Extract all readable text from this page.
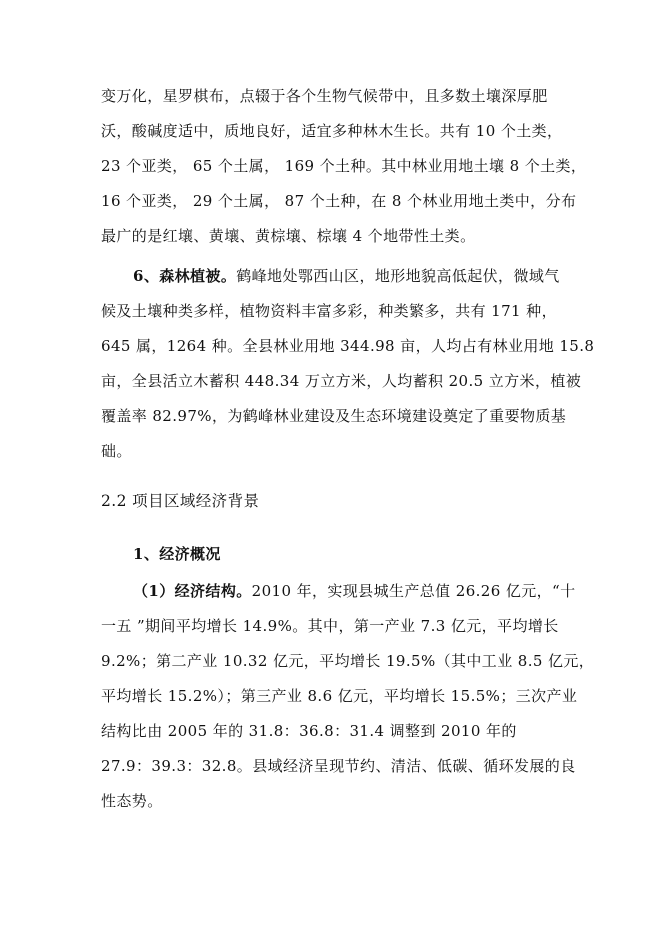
变万化，星罗棋布，点辍于各个生物气候带中，且多数土壤深厚肥
沃，酸碱度适中，质地良好，适宜多种林木生长。共有 10 个土类，
23 个亚类， 65 个土属， 169 个土种。其中林业用地土壤 8 个土类，
16 个亚类， 29 个土属， 87 个土种，在 8 个林业用地土类中，分布
最广的是红壤、黄壤、黄棕壤、棕壤 4 个地带性土类。
6、森林植被。鹤峰地处鄂西山区，地形地貌高低起伏，微域气
候及土壤种类多样，植物资料丰富多彩，种类繁多，共有 171 种，
645 属，1264 种。全县林业用地 344.98 亩，人均占有林业用地 15.8
亩，全县活立木蓄积 448.34 万立方米，人均蓄积 20.5 立方米，植被
覆盖率 82.97%，为鹤峰林业建设及生态环境建设奠定了重要物质基
础。
2.2 项目区域经济背景
1、经济概况
（1）经济结构。2010 年，实现县城生产总值 26.26 亿元，“十
一五 ”期间平均增长 14.9%。其中，第一产业 7.3 亿元，平均增长
9.2%；第二产业 10.32 亿元，平均增长 19.5%（其中工业 8.5 亿元，
平均增长 15.2%）；第三产业 8.6 亿元，平均增长 15.5%；三次产业
结构比由 2005 年的 31.8：36.8：31.4 调整到 2010 年的
27.9：39.3：32.8。县域经济呈现节约、清洁、低碳、循环发展的良
性态势。
